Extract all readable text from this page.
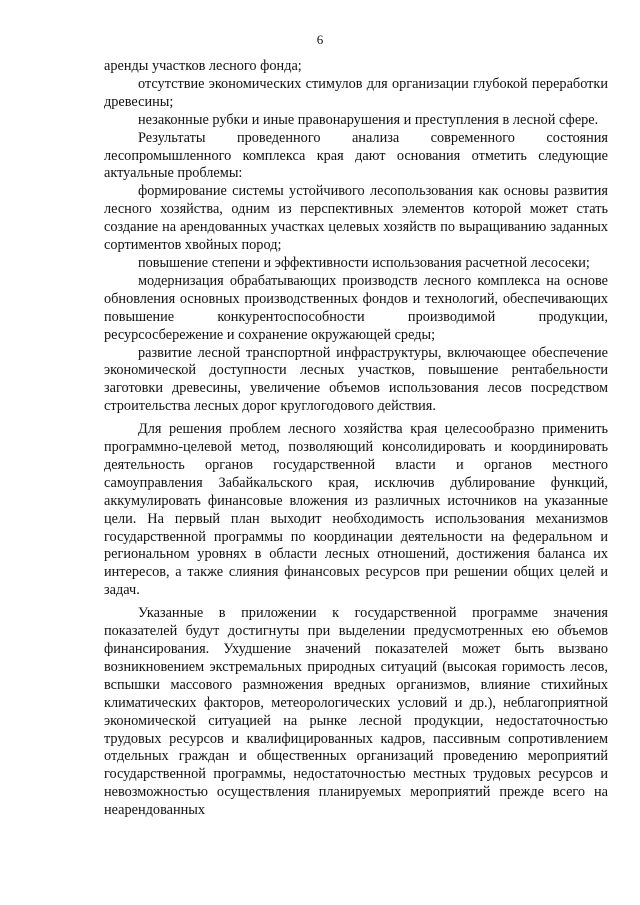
6

аренды участков лесного фонда;

отсутствие экономических стимулов для организации глубокой переработки древесины;

незаконные рубки и иные правонарушения и преступления в лесной сфере.

Результаты проведенного анализа современного состояния лесопромышленного комплекса края дают основания отметить следующие актуальные проблемы:

формирование системы устойчивого лесопользования как основы развития лесного хозяйства, одним из перспективных элементов которой может стать создание на арендованных участках целевых хозяйств по выращиванию заданных сортиментов хвойных пород;

повышение степени и эффективности использования расчетной лесосеки;

модернизация обрабатывающих производств лесного комплекса на основе обновления основных производственных фондов и технологий, обеспечивающих повышение конкурентоспособности производимой продукции, ресурсосбережение и сохранение окружающей среды;

развитие лесной транспортной инфраструктуры, включающее обеспечение экономической доступности лесных участков, повышение рентабельности заготовки древесины, увеличение объемов использования лесов посредством строительства лесных дорог круглогодового действия.

Для решения проблем лесного хозяйства края целесообразно применить программно-целевой метод, позволяющий консолидировать и координировать деятельность органов государственной власти и органов местного самоуправления Забайкальского края, исключив дублирование функций, аккумулировать финансовые вложения из различных источников на указанные цели. На первый план выходит необходимость использования механизмов государственной программы по координации деятельности на федеральном и региональном уровнях в области лесных отношений, достижения баланса их интересов, а также слияния финансовых ресурсов при решении общих целей и задач.

Указанные в приложении к государственной программе значения показателей будут достигнуты при выделении предусмотренных ею объемов финансирования. Ухудшение значений показателей может быть вызвано возникновением экстремальных природных ситуаций (высокая горимость лесов, вспышки массового размножения вредных организмов, влияние стихийных климатических факторов, метеорологических условий и др.), неблагоприятной экономической ситуацией на рынке лесной продукции, недостаточностью трудовых ресурсов и квалифицированных кадров, пассивным сопротивлением отдельных граждан и общественных организаций проведению мероприятий государственной программы, недостаточностью местных трудовых ресурсов и невозможностью осуществления планируемых мероприятий прежде всего на неарендованных
